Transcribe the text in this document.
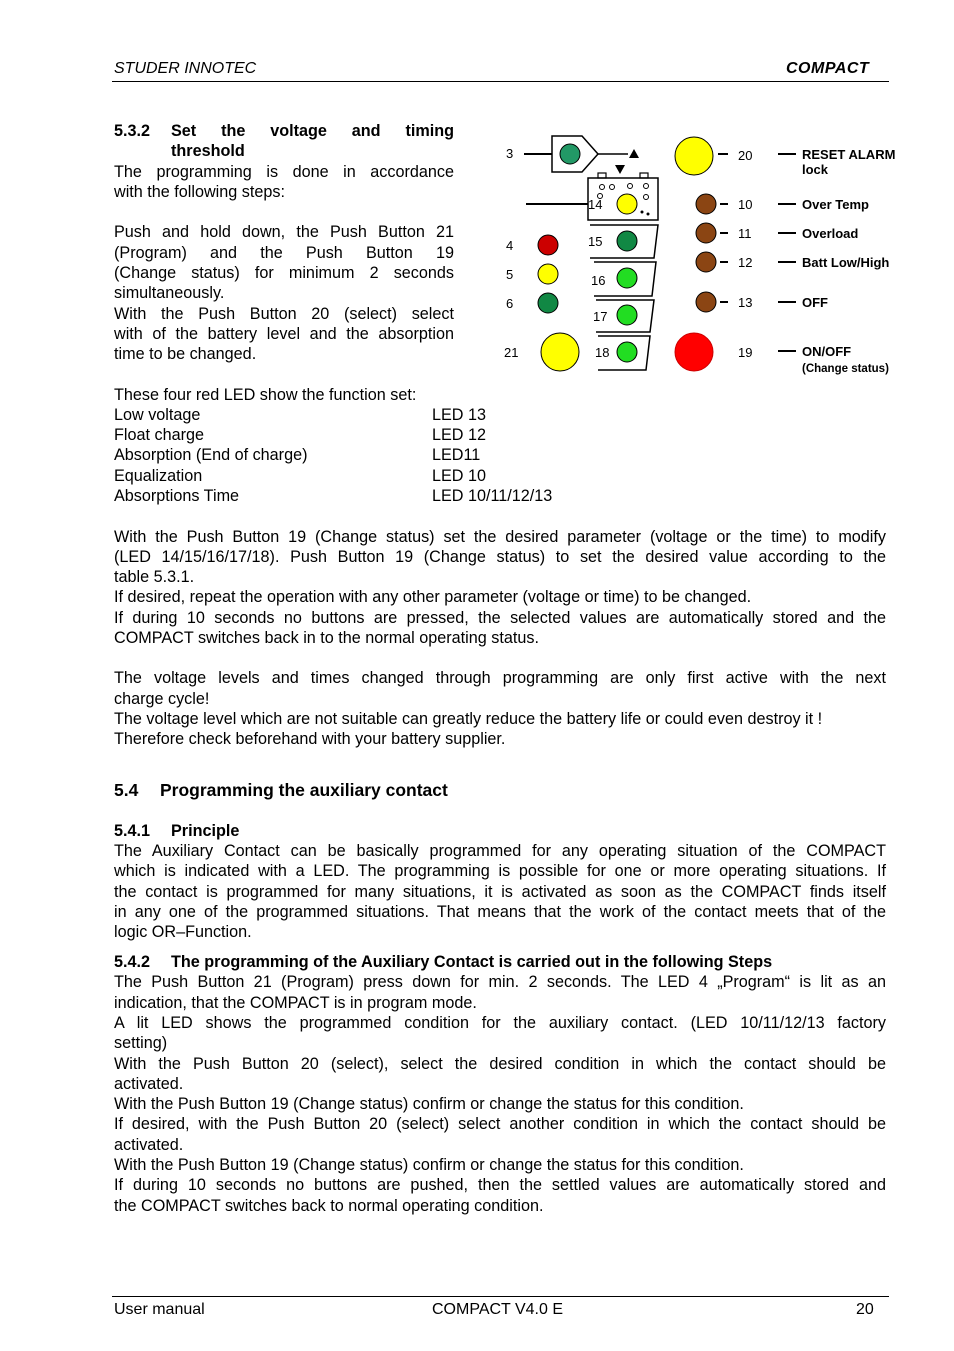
STUDER INNOTEC	COMPACT
5.3.2	Set the voltage and timing
threshold
The programming is done in accordance
with the following steps:
Push and hold down, the Push Button 21
(Program) and the Push Button 19
(Change status) for minimum 2 seconds
simultaneously.
With the Push Button 20 (select) select
with of the battery level and the absorption
time to be changed.
These four red LED show the function set:
Low voltage	LED 13
Float charge	LED 12
Absorption (End of charge)	LED11
Equalization	LED 10
Absorptions Time	LED 10/11/12/13
3
4
5
6
21
14
15
16
17
18
20
10
11
12
13
19
RESET ALARM
lock
Over Temp
Overload
Batt Low/High
OFF
ON/OFF
(Change status)
With the Push Button 19 (Change status) set the desired parameter (voltage or the time) to modify
(LED 14/15/16/17/18). Push Button 19 (Change status) to set the desired value according to the
table 5.3.1.
If desired, repeat the operation with any other parameter (voltage or time) to be changed.
If during 10 seconds no buttons are pressed, the selected values are automatically stored and the
COMPACT switches back in to the normal operating status.
The voltage levels and times changed through programming are only first active with the next
charge cycle!
The voltage level which are not suitable can greatly reduce the battery life or could even destroy it !
Therefore check beforehand with your battery supplier.
5.4 Programming the auxiliary contact
5.4.1 Principle
The Auxiliary Contact can be basically programmed for any operating situation of the COMPACT
which is indicated with a LED. The programming is possible for one or more operating situations. If
the contact is programmed for many situations, it is activated as soon as the COMPACT finds itself
in any one of the programmed situations. That means that the work of the contact meets that of the
logic OR–Function.
5.4.2 The programming of the Auxiliary Contact is carried out in the following Steps
The Push Button 21 (Program) press down for min. 2 seconds. The LED 4 „Program“ is lit as an
indication, that the COMPACT is in program mode.
A lit LED shows the programmed condition for the auxiliary contact. (LED 10/11/12/13 factory
setting)
With the Push Button 20 (select), select the desired condition in which the contact should be
activated.
With the Push Button 19 (Change status) confirm or change the status for this condition.
If desired, with the Push Button 20 (select) select another condition in which the contact should be
activated.
With the Push Button 19 (Change status) confirm or change the status for this condition.
If during 10 seconds no buttons are pushed, then the settled values are automatically stored and
the COMPACT switches back to normal operating condition.
User manual	COMPACT V4.0 E	20
